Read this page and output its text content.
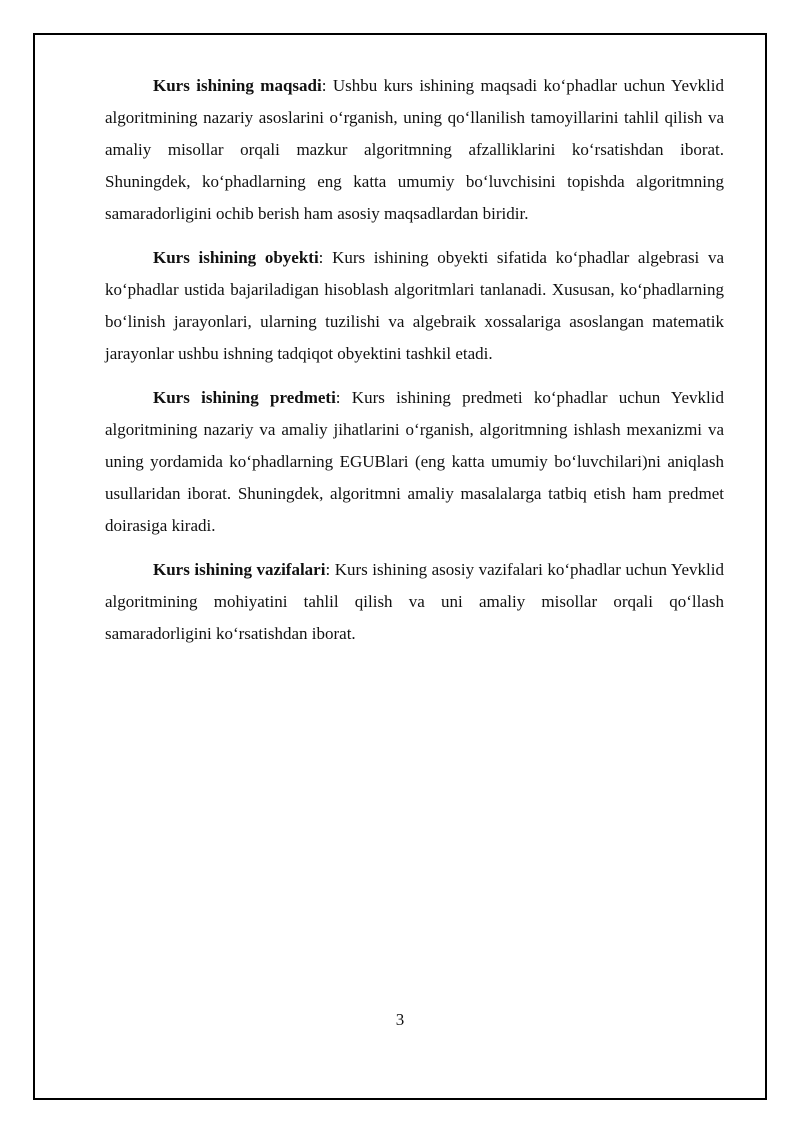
Kurs ishining maqsadi: Ushbu kurs ishining maqsadi koʻphadlar uchun Yevklid algoritmining nazariy asoslarini oʻrganish, uning qoʻllanilish tamoyillarini tahlil qilish va amaliy misollar orqali mazkur algoritmning afzalliklarini koʻrsatishdan iborat. Shuningdek, koʻphadlarning eng katta umumiy boʻluvchisini topishda algoritmning samaradorligini ochib berish ham asosiy maqsadlardan biridir.

Kurs ishining obyekti: Kurs ishining obyekti sifatida koʻphadlar algebrasi va koʻphadlar ustida bajariladigan hisoblash algoritmlari tanlanadi. Xususan, koʻphadlarning boʻlinish jarayonlari, ularning tuzilishi va algebraik xossalariga asoslangan matematik jarayonlar ushbu ishning tadqiqot obyektini tashkil etadi.

Kurs ishining predmeti: Kurs ishining predmeti koʻphadlar uchun Yevklid algoritmining nazariy va amaliy jihatlarini oʻrganish, algoritmning ishlash mexanizmi va uning yordamida koʻphadlarning EGUBlari (eng katta umumiy boʻluvchilari)ni aniqlash usullaridan iborat. Shuningdek, algoritmni amaliy masalalarga tatbiq etish ham predmet doirasiga kiradi.

Kurs ishining vazifalari: Kurs ishining asosiy vazifalari koʻphadlar uchun Yevklid algoritmining mohiyatini tahlil qilish va uni amaliy misollar orqali qoʻllash samaradorligini koʻrsatishdan iborat.

3
